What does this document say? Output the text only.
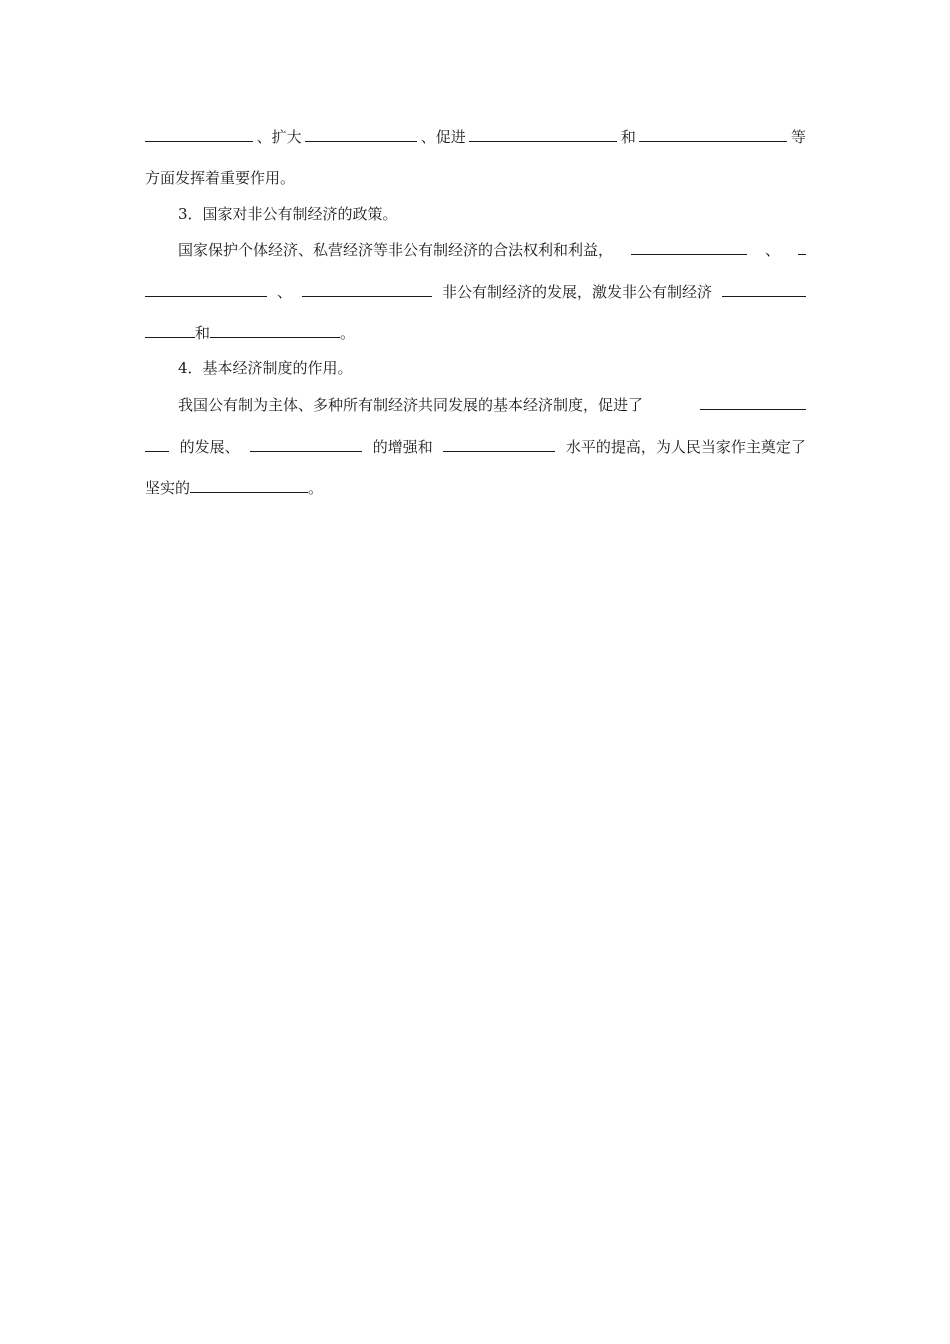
、扩大	、促进	和	等
方面发挥着重要作用。
3．国家对非公有制经济的政策。
国家保护个体经济、私营经济等非公有制经济的合法权利和利益，	、
、	非公有制经济的发展，激发非公有制经济
和	。
4．基本经济制度的作用。
我国公有制为主体、多种所有制经济共同发展的基本经济制度，促进了
的发展、	的增强和	水平的提高，为人民当家作主奠定了
坚实的	。
